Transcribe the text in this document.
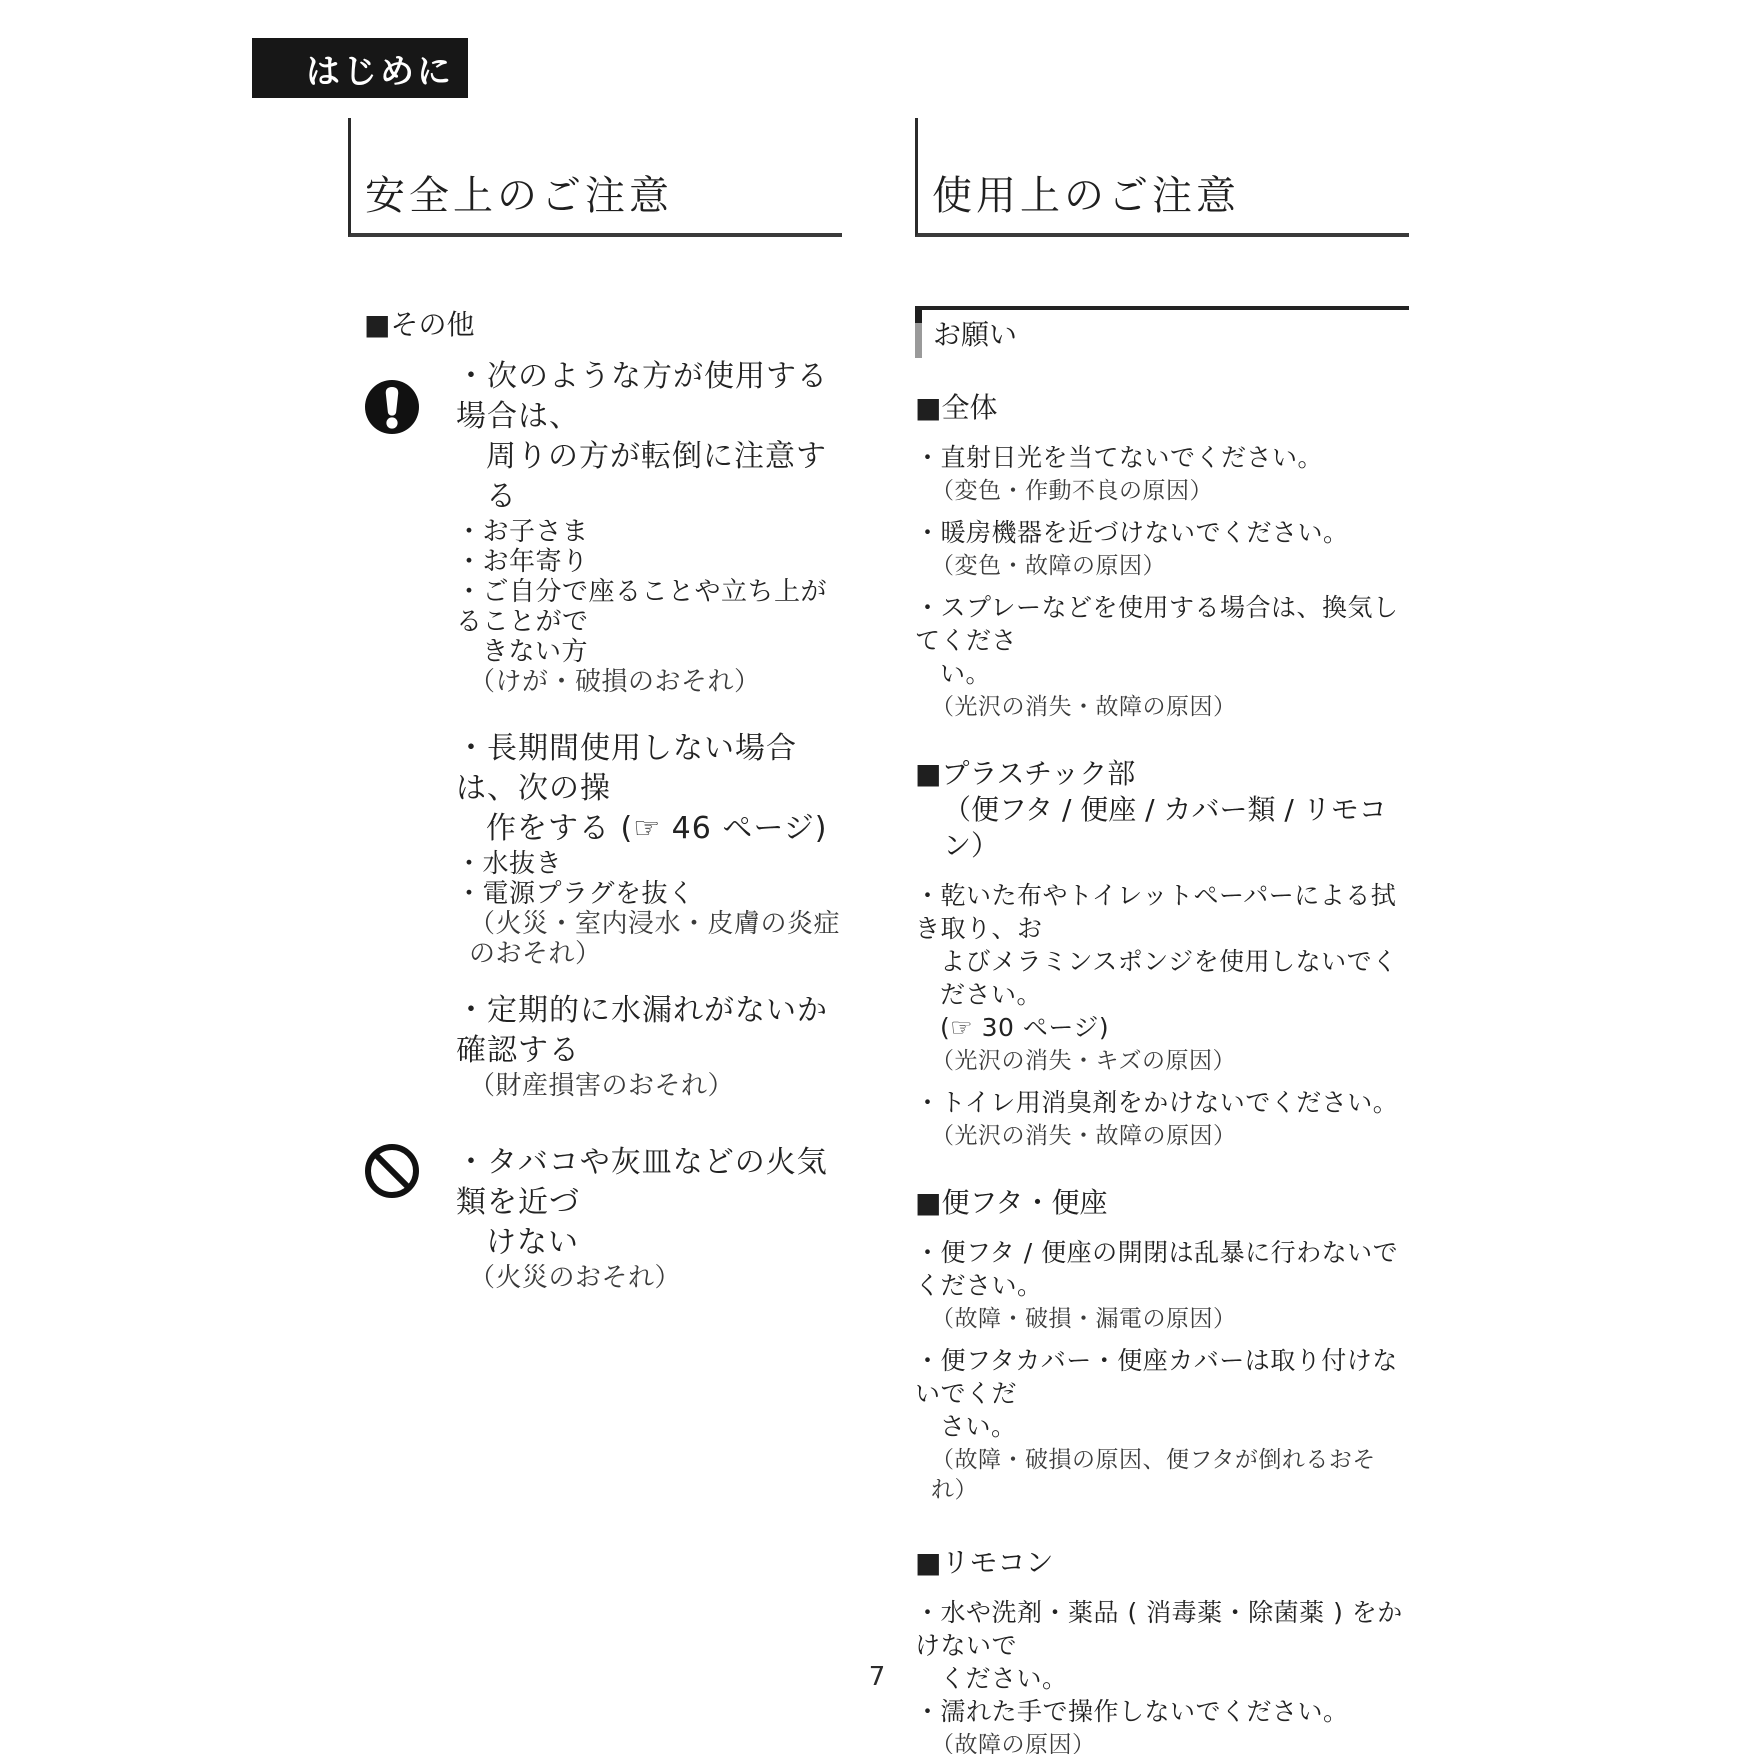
はじめに
安全上のご注意
■その他
・次のような方が使用する場合は、
周りの方が転倒に注意する
・お子さま
・お年寄り
・ご自分で座ることや立ち上がることがで
きない方
（けが・破損のおそれ）
・長期間使用しない場合は、次の操
作をする (☞ 46 ページ)
・水抜き
・電源プラグを抜く
（火災・室内浸水・皮膚の炎症のおそれ）
・定期的に水漏れがないか確認する
（財産損害のおそれ）
・タバコや灰皿などの火気類を近づ
けない
（火災のおそれ）
使用上のご注意
お願い
■全体
・直射日光を当てないでください。
（変色・作動不良の原因）
・暖房機器を近づけないでください。
（変色・故障の原因）
・スプレーなどを使用する場合は、換気してくださ
い。
（光沢の消失・故障の原因）
■プラスチック部
（便フタ / 便座 / カバー類 / リモコン）
・乾いた布やトイレットペーパーによる拭き取り、お
よびメラミンスポンジを使用しないでください。
(☞ 30 ページ)
（光沢の消失・キズの原因）
・トイレ用消臭剤をかけないでください。
（光沢の消失・故障の原因）
■便フタ・便座
・便フタ / 便座の開閉は乱暴に行わないでください。
（故障・破損・漏電の原因）
・便フタカバー・便座カバーは取り付けないでくだ
さい。
（故障・破損の原因、便フタが倒れるおそれ）
■リモコン
・水や洗剤・薬品 ( 消毒薬・除菌薬 ) をかけないで
ください。
・濡れた手で操作しないでください。
（故障の原因）
7
